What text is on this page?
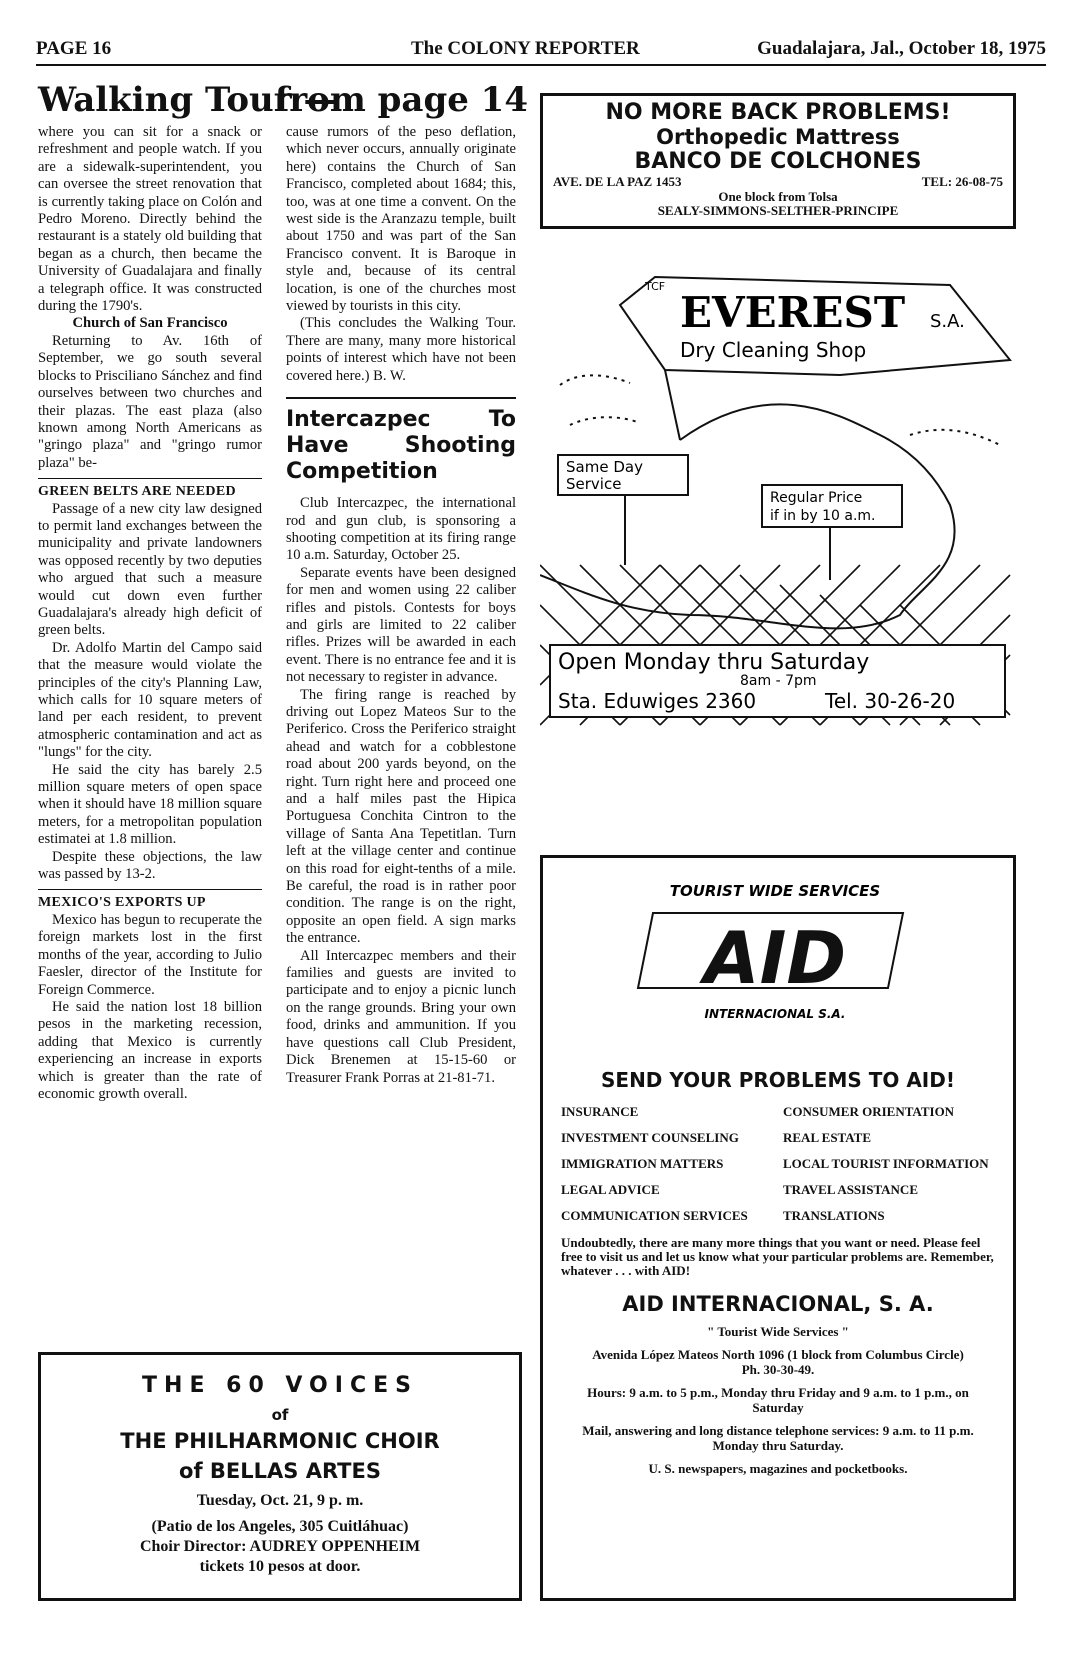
PAGE 16	The COLONY REPORTER	Guadalajara, Jal., October 18, 1975
Walking Tour —
from page 14

where you can sit for a snack or refreshment and people watch. If you are a sidewalk-superintendent, you can oversee the street renovation that is currently taking place on Colón and Pedro Moreno. Directly behind the restaurant is a stately old building that began as a church, then became the University of Guadalajara and finally a telegraph office. It was constructed during the 1790's.

Church of San Francisco

Returning to Av. 16th of September, we go south several blocks to Prisciliano Sánchez and find ourselves between two churches and their plazas. The east plaza (also known among North Americans as "gringo plaza" and "gringo rumor plaza" be-

GREEN BELTS ARE NEEDED

Passage of a new city law designed to permit land exchanges between the municipality and private landowners was opposed recently by two deputies who argued that such a measure would cut down even further Guadalajara's already high deficit of green belts.

Dr. Adolfo Martin del Campo said that the measure would violate the principles of the city's Planning Law, which calls for 10 square meters of land per each resident, to prevent atmospheric contamination and act as "lungs" for the city.

He said the city has barely 2.5 million square meters of open space when it should have 18 million square meters, for a metropolitan population estimatei at 1.8 million.

Despite these objections, the law was passed by 13-2.

MEXICO'S EXPORTS UP

Mexico has begun to recuperate the foreign markets lost in the first months of the year, according to Julio Faesler, director of the Institute for Foreign Commerce.

He said the nation lost 18 billion pesos in the marketing recession, adding that Mexico is currently experiencing an increase in exports which is greater than the rate of economic growth overall.

cause rumors of the peso deflation, which never occurs, annually originate here) contains the Church of San Francisco, completed about 1684; this, too, was at one time a convent. On the west side is the Aranzazu temple, built about 1750 and was part of the San Francisco convent. It is Baroque in style and, because of its central location, is one of the churches most viewed by tourists in this city.

(This concludes the Walking Tour. There are many, many more historical points of interest which have not been covered here.) B. W.

Intercazpec To Have Shooting Competition

Club Intercazpec, the international rod and gun club, is sponsoring a shooting competition at its firing range 10 a.m. Saturday, October 25.

Separate events have been designed for men and women using 22 caliber rifles and pistols. Contests for boys and girls are limited to 22 caliber rifles. Prizes will be awarded in each event. There is no entrance fee and it is not necessary to register in advance.

The firing range is reached by driving out Lopez Mateos Sur to the Periferico. Cross the Periferico straight ahead and watch for a cobblestone road about 200 yards beyond, on the right. Turn right here and proceed one and a half miles past the Hipica Portuguesa Conchita Cintron to the village of Santa Ana Tepetitlan. Turn left at the village center and continue on this road for eight-tenths of a mile. Be careful, the road is in rather poor condition. The range is on the right, opposite an open field. A sign marks the entrance.

All Intercazpec members and their families and guests are invited to participate and to enjoy a picnic lunch on the range grounds. Bring your own food, drinks and ammunition. If you have questions call Club President, Dick Brenemen at 15-15-60 or Treasurer Frank Porras at 21-81-71.

NO MORE BACK PROBLEMS!
Orthopedic Mattress
BANCO DE COLCHONES
AVE. DE LA PAZ 1453	TEL: 26-08-75
One block from Tolsa
SEALY-SIMMONS-SELTHER-PRINCIPE
TCF
EVEREST S.A.
Dry Cleaning Shop
Same Day
Service
Regular Price
if in by 10 a.m.
Open Monday thru Saturday
8am - 7pm
Sta. Eduwiges 2360	Tel. 30-26-20
TOURIST WIDE SERVICES
AID
INTERNACIONAL S.A.
SEND YOUR PROBLEMS TO AID!
INSURANCE	CONSUMER ORIENTATION
INVESTMENT COUNSELING	REAL ESTATE
IMMIGRATION MATTERS	LOCAL TOURIST INFORMATION
LEGAL ADVICE	TRAVEL ASSISTANCE
COMMUNICATION SERVICES	TRANSLATIONS
Undoubtedly, there are many more things that you want or need. Please feel free to visit us and let us know what your particular problems are. Remember, whatever . . . with AID!
AID INTERNACIONAL, S. A.
" Tourist Wide Services "
Avenida López Mateos North 1096 (1 block from Columbus Circle) Ph. 30-30-49.
Hours: 9 a.m. to 5 p.m., Monday thru Friday and 9 a.m. to 1 p.m., on Saturday
Mail, answering and long distance telephone services: 9 a.m. to 11 p.m. Monday thru Saturday.
U. S. newspapers, magazines and pocketbooks.
THE 60 VOICES
of
THE PHILHARMONIC CHOIR
of BELLAS ARTES
Tuesday, Oct. 21, 9 p. m.
(Patio de los Angeles, 305 Cuitláhuac)
Choir Director: AUDREY OPPENHEIM
tickets 10 pesos at door.
